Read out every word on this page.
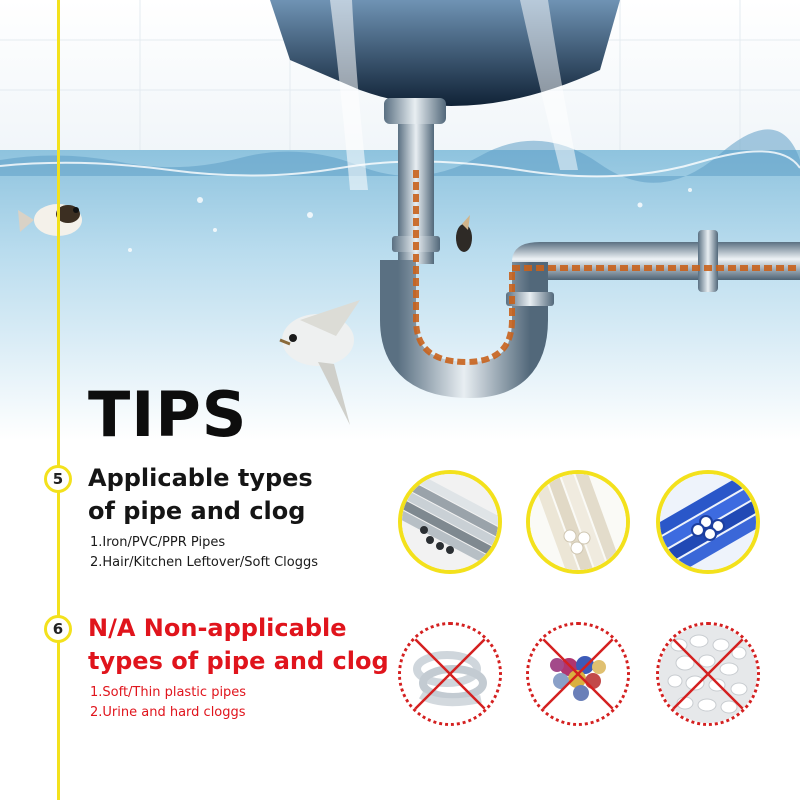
TIPS
5	Applicable types
of pipe and clog
1.Iron/PVC/PPR Pipes
2.Hair/Kitchen Leftover/Soft Cloggs
6	N/A Non-applicable
types of pipe and clog
1.Soft/Thin plastic pipes
2.Urine and hard cloggs
